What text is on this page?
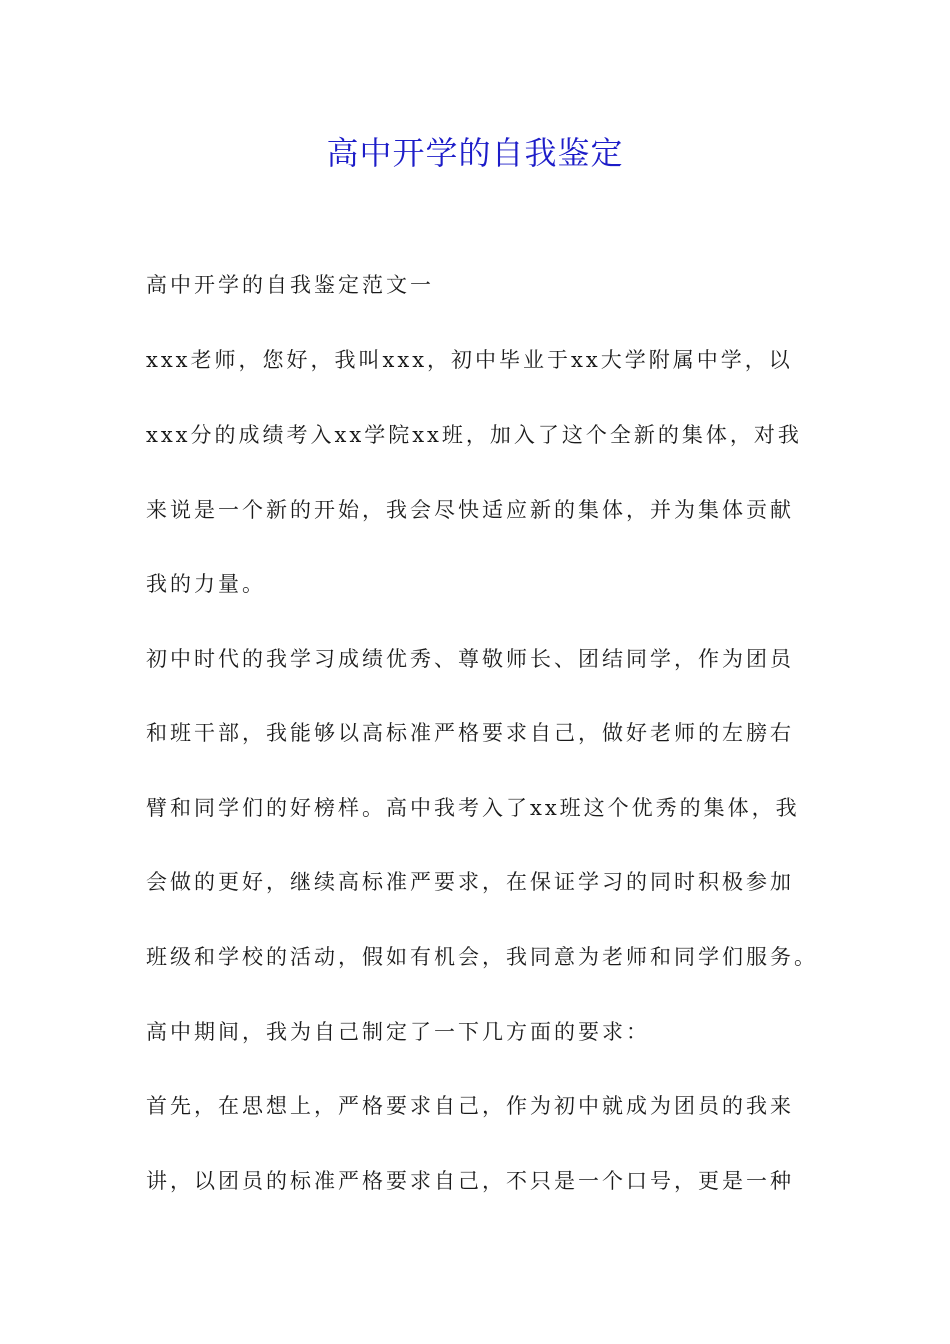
高中开学的自我鉴定
高中开学的自我鉴定范文一
xxx老师，您好，我叫xxx，初中毕业于xx大学附属中学，以
xxx分的成绩考入xx学院xx班，加入了这个全新的集体，对我
来说是一个新的开始，我会尽快适应新的集体，并为集体贡献
我的力量。
初中时代的我学习成绩优秀、尊敬师长、团结同学，作为团员
和班干部，我能够以高标准严格要求自己，做好老师的左膀右
臂和同学们的好榜样。高中我考入了xx班这个优秀的集体，我
会做的更好，继续高标准严要求，在保证学习的同时积极参加
班级和学校的活动，假如有机会，我同意为老师和同学们服务。
高中期间，我为自己制定了一下几方面的要求：
首先，在思想上，严格要求自己，作为初中就成为团员的我来
讲，以团员的标准严格要求自己，不只是一个口号，更是一种
